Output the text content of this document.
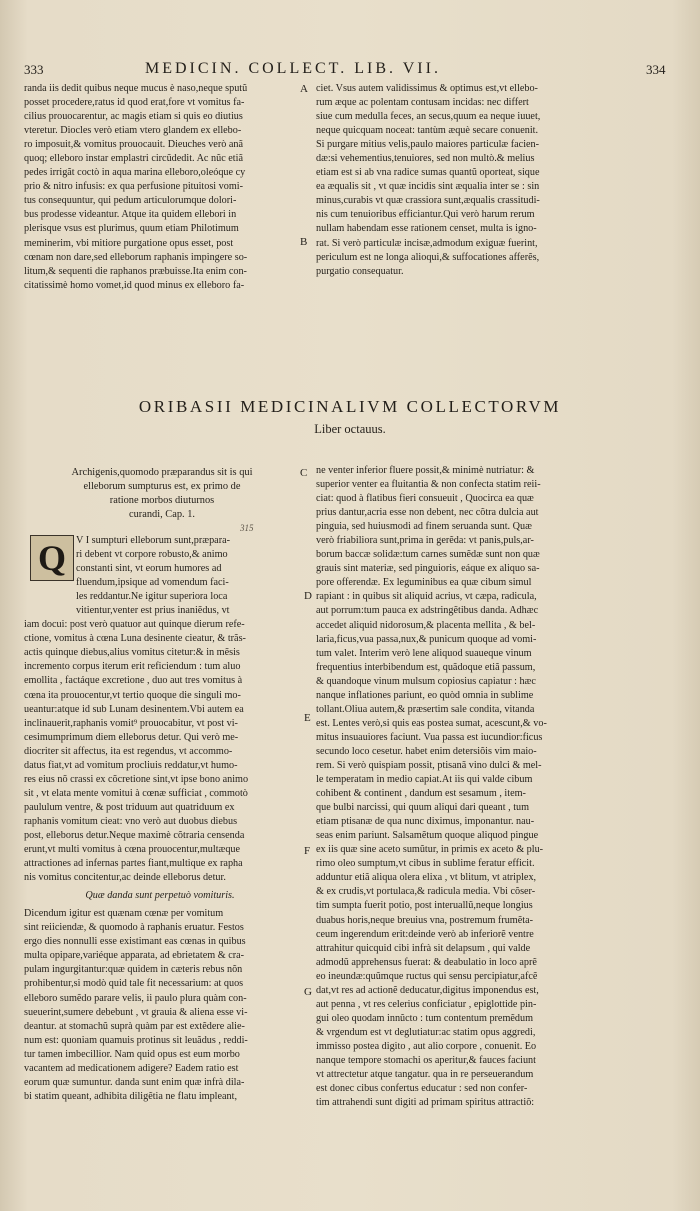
333	MEDICIN. COLLECT. LIB. VII.	334

randa iis dedit quibus neque mucus è naso,neque sputũ

posset procedere,ratus id quod erat,fore vt vomitus fa-

cilius prouocarentur, ac magis etiam si quis eo diutius

vteretur. Diocles verò etiam vtero glandem ex ellebo-

ro imposuit,& vomitus prouocauit. Dieuches verò anã

quoq; elleboro instar emplastri circũdedit. Ac nũc etiã

pedes irrigãt coctò in aqua marina elleboro,oleóque cy

prio & nitro infusis: ex qua perfusione pituitosi vomi-

tus consequuntur, qui pedum articulorumque dolori-

bus prodesse videantur. Atque ita quidem ellebori in

plerisque vsus est plurimus, quum etiam Philotimum

meminerim, vbi mitiore purgatione opus esset, post

cœnam non dare,sed elleborum raphanis impingere so-

litum,& sequenti die raphanos præbuisse.Ita enim con-

citatissimè homo vomet,id quod minus ex elleboro fa-

A
B

ciet. Vsus autem validissimus & optimus est,vt ellebo-

rum æque ac polentam contusam incidas: nec differt

siue cum medulla feces, an secus,quum ea neque iuuet,

neque quicquam noceat: tantùm æquè secare conuenit.

Si purgare mitius velis,paulo maiores particulæ facien-

dæ:si vehementius,tenuiores, sed non multò.& melius

etiam est si ab vna radice sumas quantũ oporteat, sique

ea æqualis sit , vt quæ incidis sint æqualia inter se : sin

minus,curabis vt quæ crassiora sunt,æqualis crassitudi-

nis cum tenuioribus efficiantur.Qui verò harum rerum

nullam habendam esse rationem censet, multa is igno-

rat. Si verò particulæ incisæ,admodum exiguæ fuerint,

periculum est ne longa alioqui,& suffocationes afferẽs,

purgatio consequatur.

ORIBASII MEDICINALIVM COLLECTORVM
Liber octauus.

Archigenis,quomodo præparandus sit is qui

elleborum sumpturus est, ex primo de

ratione morbos diuturnos

curandi, Cap. 1.

315
Q V I sumpturi elleborum sunt,præpara-

ri debent vt corpore robusto,& animo

constanti sint, vt eorum humores ad

fluendum,ipsique ad vomendum faci-

les reddantur.Ne igitur superiora loca

vitientur,venter est prius inaniẽdus, vt

iam docui: post verò quatuor aut quinque dierum refe-

ctione, vomitus à cœna Luna desinente cieatur, & trãs-

actis quinque diebus,alius vomitus citetur:& in mẽsis

incremento corpus iterum erit reficiendum : tum aluo

emollita , factáque excretione , duo aut tres vomitus à

cœna ita prouocentur,vt tertio quoque die singuli mo-

ueantur:atque id sub Lunam desinentem.Vbi autem ea

inclinauerit,raphanis vomit⁹ prouocabitur, vt post vi-

cesimumprimum diem elleborus detur. Qui verò me-

diocriter sit affectus, ita est regendus, vt accommo-

datus fiat,vt ad vomitum procliuis reddatur,vt humo-

res eius nõ crassi ex cõcretione sint,vt ipse bono animo

sit , vt elata mente vomitui à cœnæ sufficiat , commotò

paululum ventre, & post triduum aut quatriduum ex

raphanis vomitum cieat: vno verò aut duobus diebus

post, elleborus detur.Neque maximè cõtraria censenda

erunt,vt multi vomitus à cœna prouocentur,multæque

attractiones ad infernas partes fiant,multique ex rapha

nis vomitus concitentur,ac deinde elleborus detur.

Quæ danda sunt perpetuò vomituris.

Dicendum igitur est quænam cœnæ per vomitum

sint reiiciendæ, & quomodo à raphanis eruatur. Festos

ergo dies nonnulli esse existimant eas cœnas in quibus

multa opipare,variéque apparata, ad ebrietatem & cra-

pulam ingurgitantur:quæ quidem in cæteris rebus nõn

prohibentur,si modò quid tale fit necessarium: at quos

elleboro sumẽdo parare velis, ii paulo plura quàm con-

sueuerint,sumere debebunt , vt grauia & aliena esse vi-

deantur. at stomachũ suprà quàm par est extẽdere alie-

num est: quoniam quamuis protinus sit leuãdus , reddi-

tur tamen imbecillior. Nam quid opus est eum morbo

vacantem ad medicationem adigere? Eadem ratio est

eorum quæ sumuntur. danda sunt enim quæ infrà dila-

bi statim queant, adhibita diligẽtia ne flatu impleant,

C
D
E
F
G

ne venter inferior fluere possit,& minimè nutriatur: &

superior venter ea fluitantia & non confecta statim reii-

ciat: quod à flatibus fieri consueuit , Quocirca ea quæ

prius dantur,acria esse non debent, nec cõtra dulcia aut

pinguia, sed huiusmodi ad finem seruanda sunt. Quæ

verò friabiliora sunt,prima in gerẽda: vt panis,puls,ar-

borum baccæ solidæ:tum carnes sumẽdæ sunt non quæ

grauis sint materiæ, sed pinguioris, eáque ex aliquo sa-

pore offerendæ. Ex leguminibus ea quæ cibum simul

rapiant : in quibus sit aliquid acrius, vt cæpa, radicula,

aut porrum:tum pauca ex adstringẽtibus danda. Adhæc

accedet aliquid nidorosum,& placenta mellita , & bel-

laria,ficus,vua passa,nux,& punicum quoque ad vomi-

tum valet. Interim verò lene aliquod suaueque vinum

frequentius interbibendum est, quãdoque etiã passum,

& quandoque vinum mulsum copiosius capiatur : hæc

nanque inflationes pariunt, eo quòd omnia in sublime

tollant.Oliua autem,& præsertim sale condita, vitanda

est. Lentes verò,si quis eas postea sumat, acescunt,& vo-

mitus insuauiores faciunt. Vua passa est iucundior:ficus

secundo loco cesetur. habet enim detersiõis vim maio-

rem. Si verò quispiam possit, ptisanã vino dulci & mel-

le temperatam in medio capiat.At iis qui valde cibum

cohibent & continent , dandum est sesamum , item-

que bulbi narcissi, qui quum aliqui dari queant , tum

etiam ptisanæ de qua nunc diximus, imponantur. nau-

seas enim pariunt. Salsamẽtum quoque aliquod pingue

ex iis quæ sine aceto sumũtur, in primis ex aceto & plu-

rimo oleo sumptum,vt cibus in sublime feratur efficit.

adduntur etiã aliqua olera elixa , vt blitum, vt atriplex,

& ex crudis,vt portulaca,& radicula media. Vbi cõser-

tim sumpta fuerit potio, post interuallũ,neque longius

duabus horis,neque breuius vna, postremum frumẽta-

ceum ingerendum erit:deinde verò ab inferiorẽ ventre

attrahitur quicquid cibi infrà sit delapsum , qui valde

admodũ apprehensus fuerat: & deabulatio in loco aprẽ

eo ineundæ:quũmque ructus qui sensu percipiatur,afcẽ

dat,vt res ad actionẽ deducatur,digitus imponendus est,

aut penna , vt res celerius conficiatur , epiglottide pin-

gui oleo quodam innũcto : tum contentum premẽdum

& vrgendum est vt deglutiatur:ac statim opus aggredi,

immisso postea digito , aut alio corpore , conuenit. Eo

nanque tempore stomachi os aperitur,& fauces faciunt

vt attrectetur atque tangatur. qua in re perseuerandum

est donec cibus confertus educatur : sed non confer-

tim attrahendi sunt digiti ad primam spiritus attractiõ:
